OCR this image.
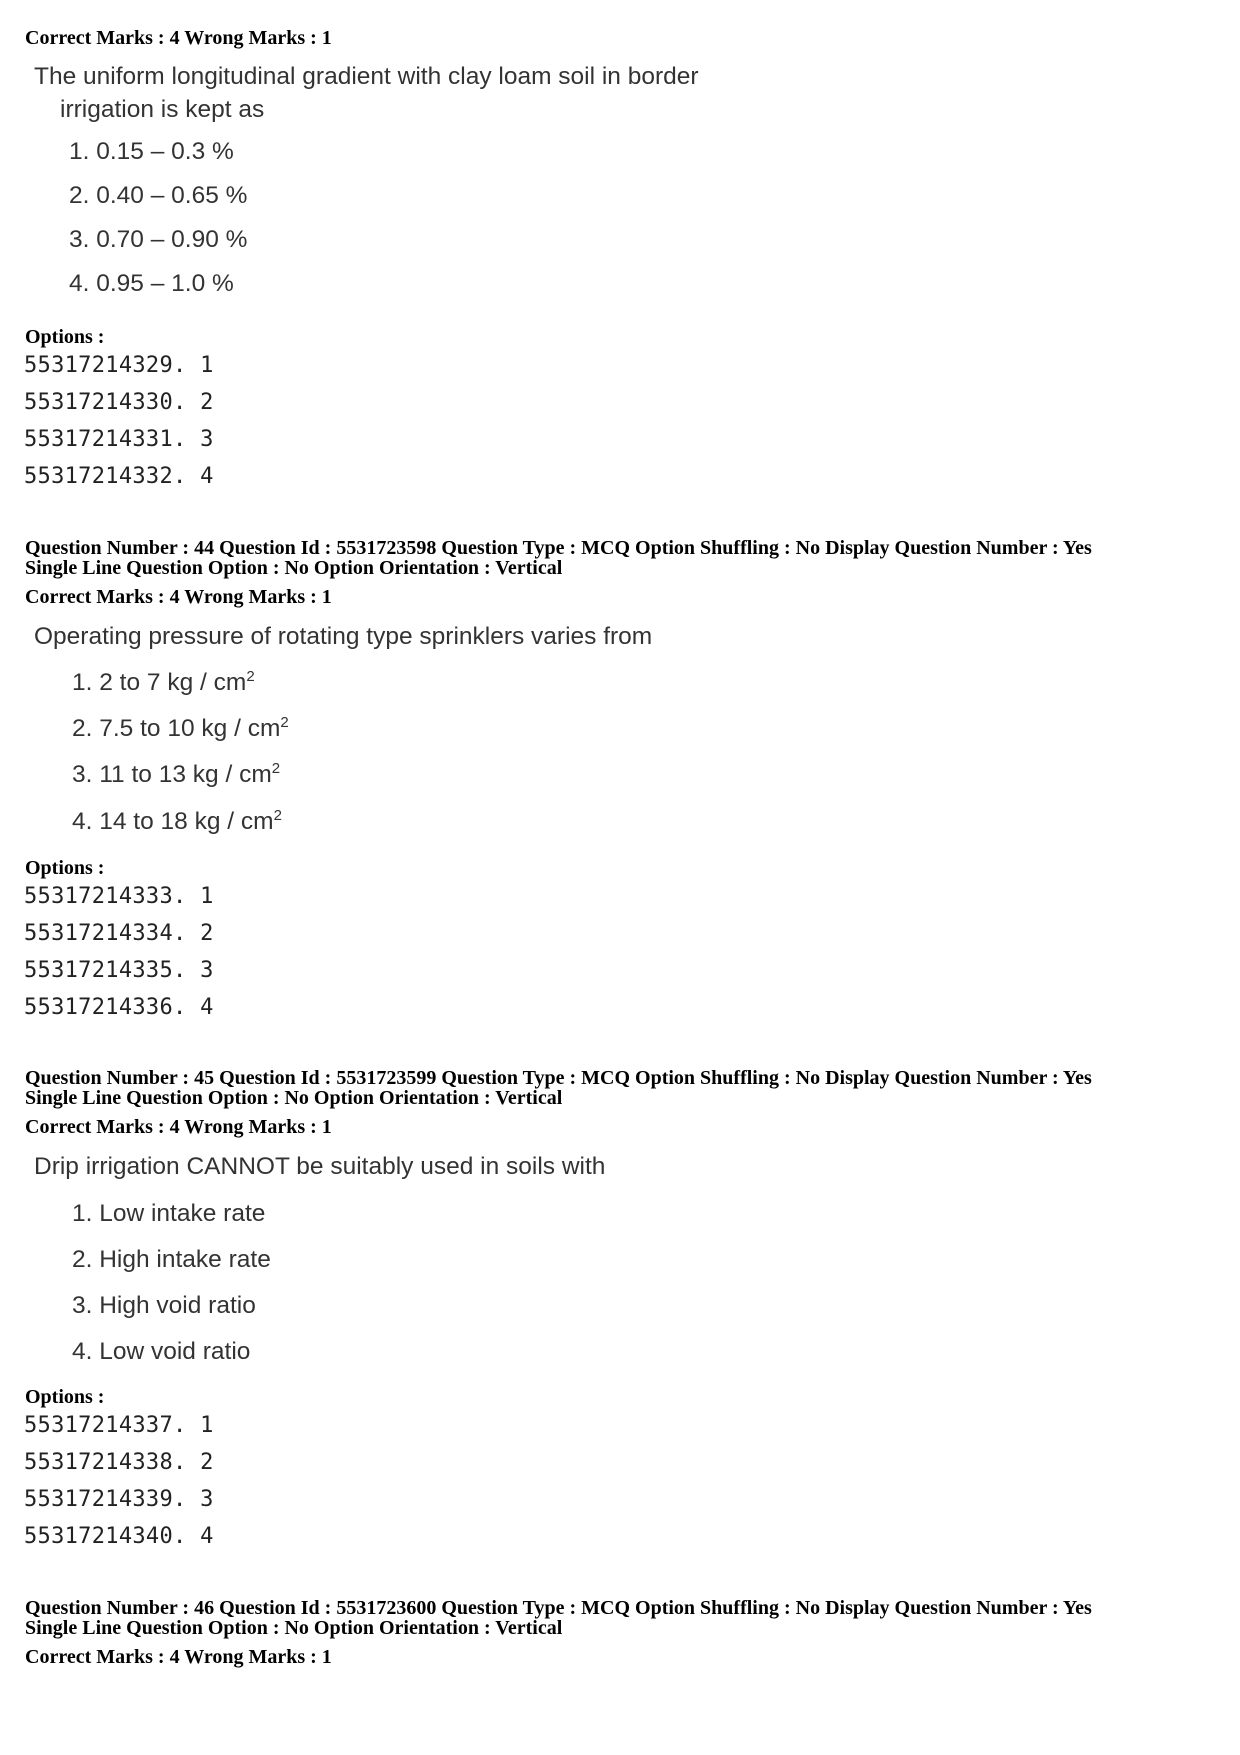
Correct Marks : 4 Wrong Marks : 1
The uniform longitudinal gradient with clay loam soil in border
irrigation is kept as
1. 0.15 – 0.3 %
2. 0.40 – 0.65 %
3. 0.70 – 0.90 %
4. 0.95 – 1.0 %
Options :
55317214329. 1
55317214330. 2
55317214331. 3
55317214332. 4
Question Number : 44 Question Id : 5531723598 Question Type : MCQ Option Shuffling : No Display Question Number : Yes
Single Line Question Option : No Option Orientation : Vertical
Correct Marks : 4 Wrong Marks : 1
Operating pressure of rotating type sprinklers varies from
1. 2 to 7 kg / $cm^2$
2. 7.5 to 10 kg / $cm^2$
3. 11 to 13 kg / $cm^2$
4. 14 to 18 kg / $cm^2$
Options :
55317214333. 1
55317214334. 2
55317214335. 3
55317214336. 4
Question Number : 45 Question Id : 5531723599 Question Type : MCQ Option Shuffling : No Display Question Number : Yes
Single Line Question Option : No Option Orientation : Vertical
Correct Marks : 4 Wrong Marks : 1
Drip irrigation CANNOT be suitably used in soils with
1. Low intake rate
2. High intake rate
3. High void ratio
4. Low void ratio
Options :
55317214337. 1
55317214338. 2
55317214339. 3
55317214340. 4
Question Number : 46 Question Id : 5531723600 Question Type : MCQ Option Shuffling : No Display Question Number : Yes
Single Line Question Option : No Option Orientation : Vertical
Correct Marks : 4 Wrong Marks : 1
